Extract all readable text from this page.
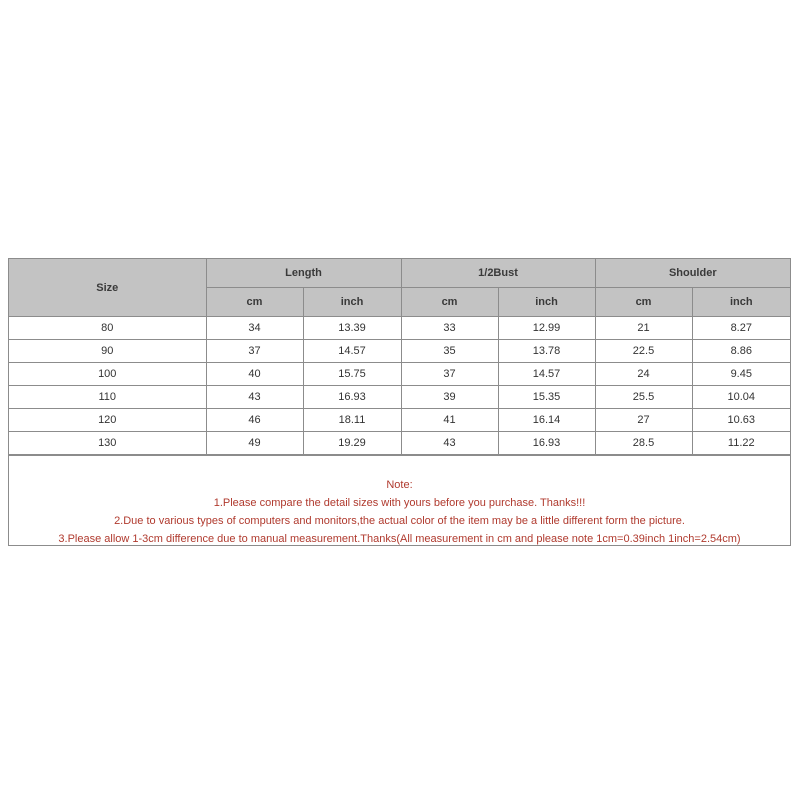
Size	Length		1/2Bust		Shoulder	
	cm	inch	cm	inch	cm	inch
80	34	13.39	33	12.99	21	8.27
90	37	14.57	35	13.78	22.5	8.86
100	40	15.75	37	14.57	24	9.45
110	43	16.93	39	15.35	25.5	10.04
120	46	18.11	41	16.14	27	10.63
130	49	19.29	43	16.93	28.5	11.22
Note:
1.Please compare the detail sizes with yours before you purchase. Thanks!!!
2.Due to various types of computers and monitors,the actual color of the item may be a little different form the picture.
3.Please allow 1-3cm difference due to manual measurement.Thanks(All measurement in cm and please note 1cm=0.39inch 1inch=2.54cm)
